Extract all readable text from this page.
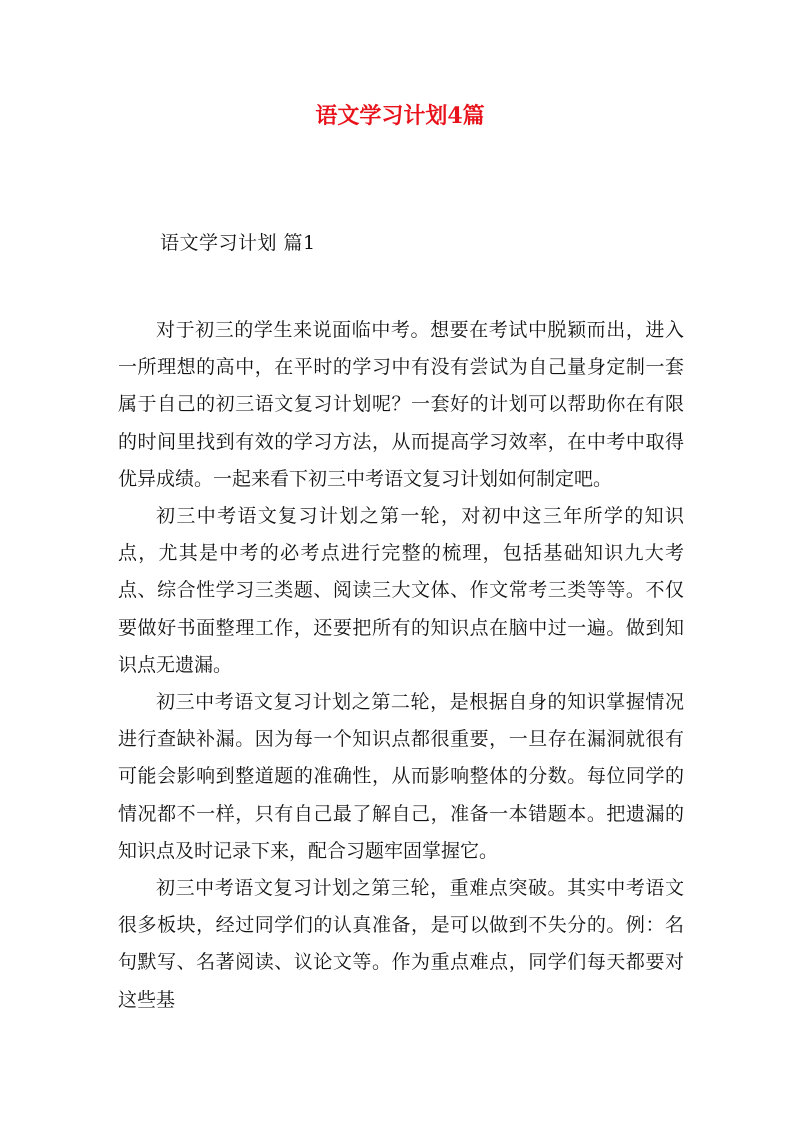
语文学习计划4篇
语文学习计划 篇1

对于初三的学生来说面临中考。想要在考试中脱颖而出，进入一所理想的高中，在平时的学习中有没有尝试为自己量身定制一套属于自己的初三语文复习计划呢？一套好的计划可以帮助你在有限的时间里找到有效的学习方法，从而提高学习效率，在中考中取得优异成绩。一起来看下初三中考语文复习计划如何制定吧。

初三中考语文复习计划之第一轮，对初中这三年所学的知识点，尤其是中考的必考点进行完整的梳理，包括基础知识九大考点、综合性学习三类题、阅读三大文体、作文常考三类等等。不仅要做好书面整理工作，还要把所有的知识点在脑中过一遍。做到知识点无遗漏。

初三中考语文复习计划之第二轮，是根据自身的知识掌握情况进行查缺补漏。因为每一个知识点都很重要，一旦存在漏洞就很有可能会影响到整道题的准确性，从而影响整体的分数。每位同学的情况都不一样，只有自己最了解自己，准备一本错题本。把遗漏的知识点及时记录下来，配合习题牢固掌握它。

初三中考语文复习计划之第三轮，重难点突破。其实中考语文很多板块，经过同学们的认真准备，是可以做到不失分的。例：名句默写、名著阅读、议论文等。作为重点难点，同学们每天都要对这些基
